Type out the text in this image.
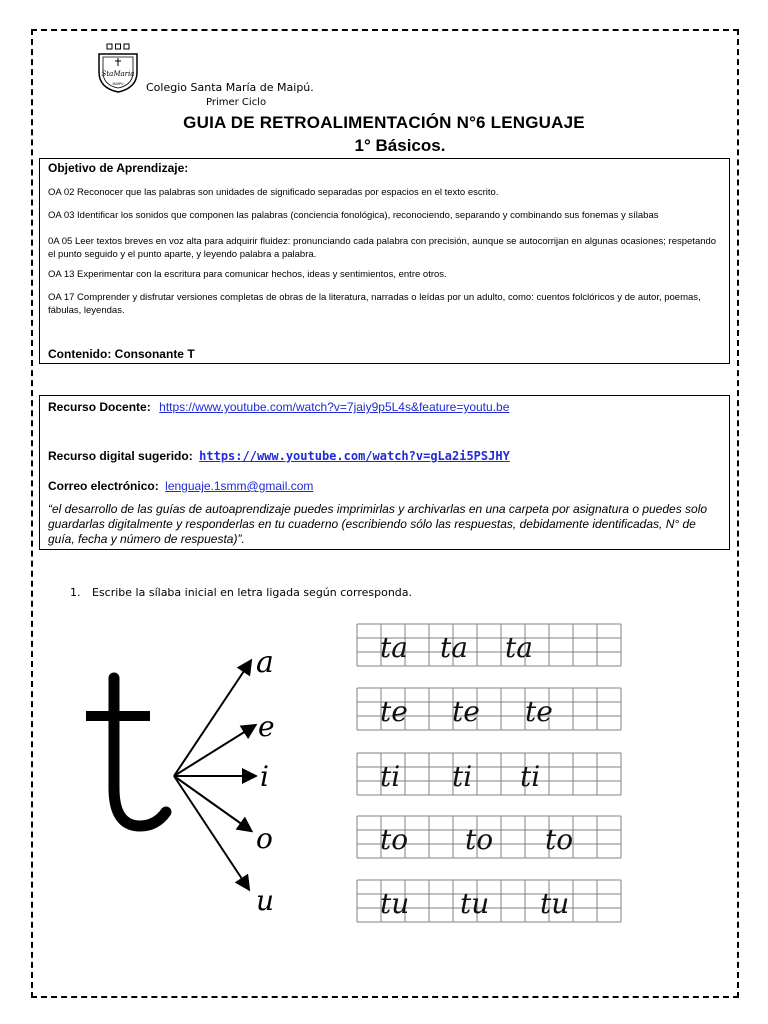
StaMaria
MAIPU Colegio Santa María de Maipú.
Primer Ciclo
GUIA DE RETROALIMENTACIÓN N°6 LENGUAJE
1° Básicos.
Objetivo de Aprendizaje:
OA 02 Reconocer que las palabras son unidades de significado separadas por espacios en el texto escrito.
OA 03 Identificar los sonidos que componen las palabras (conciencia fonológica), reconociendo, separando y combinando sus fonemas y sílabas
0A 05 Leer textos breves en voz alta para adquirir fluidez: pronunciando cada palabra con precisión, aunque se autocorrijan en algunas ocasiones; respetando el punto seguido y el punto aparte, y leyendo palabra a palabra.
OA 13 Experimentar con la escritura para comunicar hechos, ideas y sentimientos, entre otros.
OA 17 Comprender y disfrutar versiones completas de obras de la literatura, narradas o leídas por un adulto, como: cuentos folclóricos y de autor, poemas, fábulas, leyendas.
Contenido: Consonante T
Recurso Docente: https://www.youtube.com/watch?v=7jaiy9p5L4s&feature=youtu.be
Recurso digital sugerido: https://www.youtube.com/watch?v=gLa2i5PSJHY
Correo electrónico: lenguaje.1smm@gmail.com
“el desarrollo de las guías de autoaprendizaje puedes imprimirlas y archivarlas en una carpeta por asignatura o puedes solo guardarlas digitalmente y responderlas en tu cuaderno (escribiendo sólo las respuestas, debidamente identificadas, N° de guía, fecha y número de respuesta)”.
1. Escribe la sílaba inicial en letra ligada según corresponda.
t	a
e
i
o
u
ta ta ta
te te te
ti ti ti
to to to
tu tu tu
